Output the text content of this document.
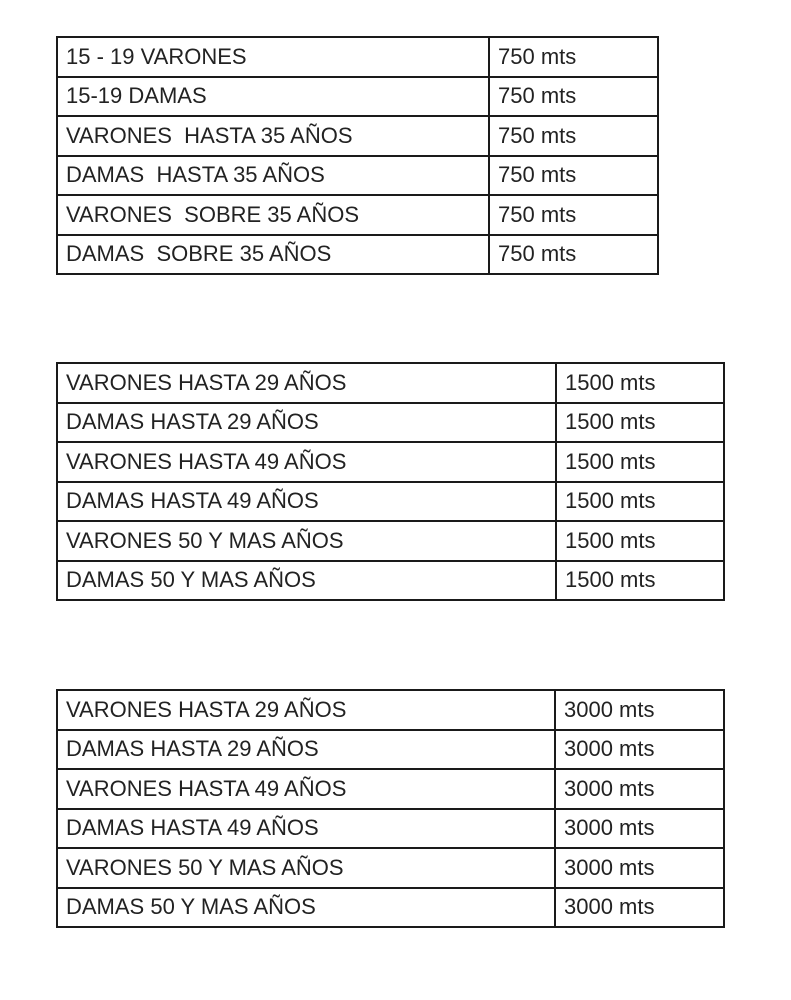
15 - 19 VARONES	750 mts
15-19 DAMAS	750 mts
VARONES  HASTA 35 AÑOS	750 mts
DAMAS  HASTA 35 AÑOS	750 mts
VARONES  SOBRE 35 AÑOS	750 mts
DAMAS  SOBRE 35 AÑOS	750 mts
VARONES HASTA 29 AÑOS	1500 mts
DAMAS HASTA 29 AÑOS	1500 mts
VARONES HASTA 49 AÑOS	1500 mts
DAMAS HASTA 49 AÑOS	1500 mts
VARONES 50 Y MAS AÑOS	1500 mts
DAMAS 50 Y MAS AÑOS	1500 mts
VARONES HASTA 29 AÑOS	3000 mts
DAMAS HASTA 29 AÑOS	3000 mts
VARONES HASTA 49 AÑOS	3000 mts
DAMAS HASTA 49 AÑOS	3000 mts
VARONES 50 Y MAS AÑOS	3000 mts
DAMAS 50 Y MAS AÑOS	3000 mts
